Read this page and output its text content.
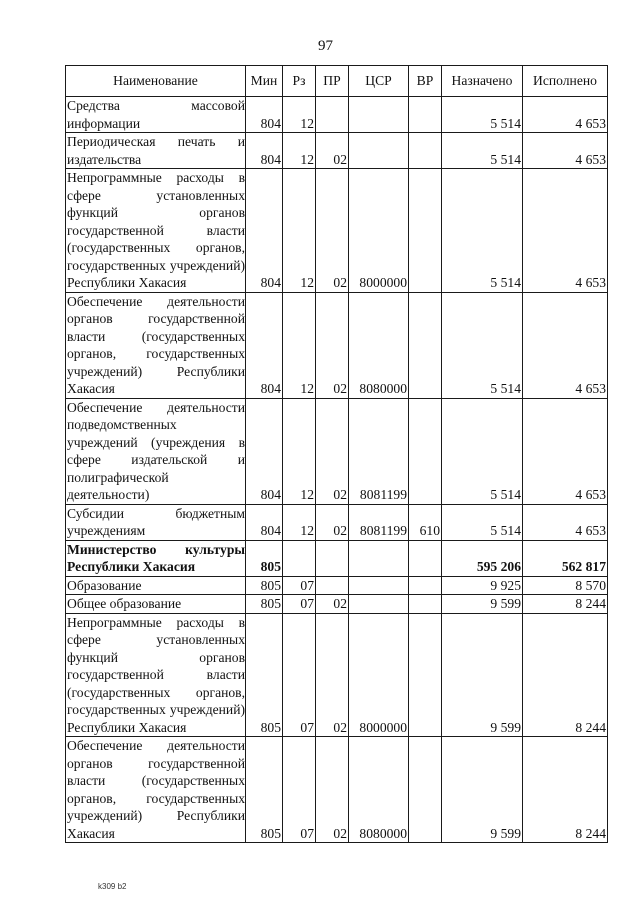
97
Наименование	Мин	Рз	ПР	ЦСР	ВР	Назначено	Исполнено
Средства массовой информации	804	12				5 514	4 653
Периодическая печать и издательства	804	12	02			5 514	4 653
Непрограммные расходы в сфере установленных функций органов государственной власти (государственных органов, государственных учреждений) Республики Хакасия	804	12	02	8000000		5 514	4 653
Обеспечение деятельности органов государственной власти (государственных органов, государственных учреждений) Республики Хакасия	804	12	02	8080000		5 514	4 653
Обеспечение деятельности подведомственных учреждений (учреждения в сфере издательской и полиграфической деятельности)	804	12	02	8081199		5 514	4 653
Субсидии бюджетным учреждениям	804	12	02	8081199	610	5 514	4 653
Министерство культуры Республики Хакасия	805					595 206	562 817
Образование	805	07				9 925	8 570
Общее образование	805	07	02			9 599	8 244
Непрограммные расходы в сфере установленных функций органов государственной власти (государственных органов, государственных учреждений) Республики Хакасия	805	07	02	8000000		9 599	8 244
Обеспечение деятельности органов государственной власти (государственных органов, государственных учреждений) Республики Хакасия	805	07	02	8080000		9 599	8 244
k309 b2
